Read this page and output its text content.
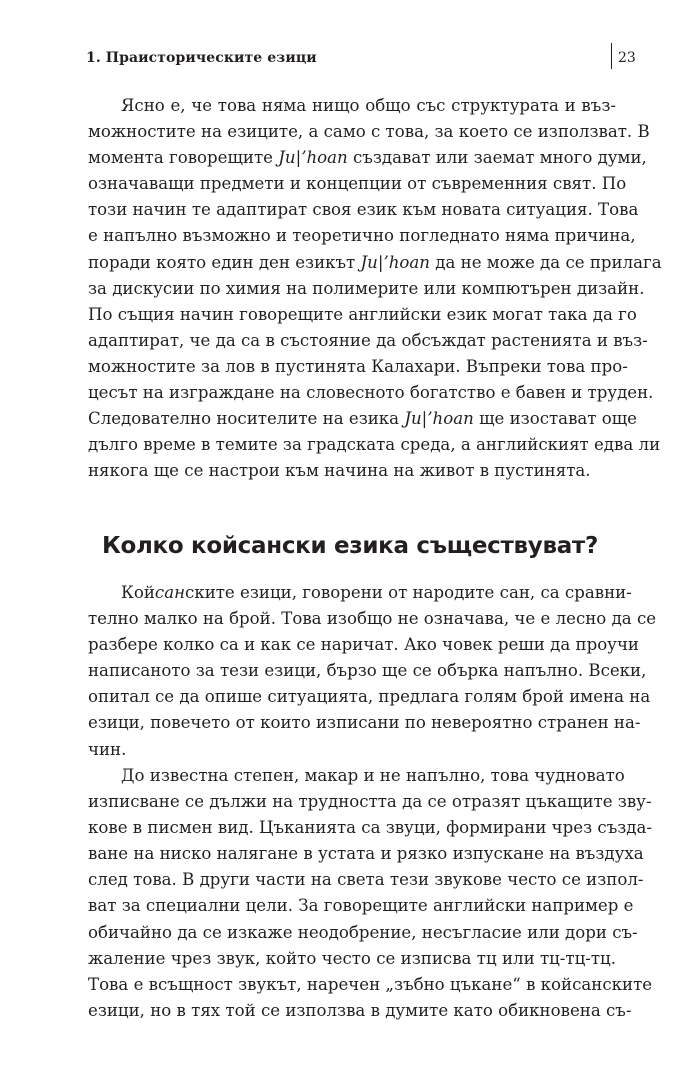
1. Праисторическите езици	23
Ясно е, че това няма нищо общо със структурата и въз-
можностите на езиците, а само с това, за което се използват. В
момента говорещите Ju|’hoan създават или заемат много думи,
означаващи предмети и концепции от съвременния свят. По
този начин те адаптират своя език към новата ситуация. Това
е напълно възможно и теоретично погледнато няма причина,
поради която един ден езикът Ju|’hoan да не може да се прилага
за дискусии по химия на полимерите или компютърен дизайн.
По същия начин говорещите английски език могат така да го
адаптират, че да са в състояние да обсъждат растенията и въз-
можностите за лов в пустинята Калахари. Въпреки това про-
цесът на изграждане на словесното богатство е бавен и труден.
Следователно носителите на езика Ju|’hoan ще изостават още
дълго време в темите за градската среда, а английският едва ли
някога ще се настрои към начина на живот в пустинята.
Колко койсански езика съществуват?
Койсанските езици, говорени от народите сан, са сравни-
телно малко на брой. Това изобщо не означава, че е лесно да се
разбере колко са и как се наричат. Ако човек реши да проучи
написаното за тези езици, бързо ще се обърка напълно. Всеки,
опитал се да опише ситуацията, предлага голям брой имена на
езици, повечето от които изписани по невероятно странен на-
чин.
До известна степен, макар и не напълно, това чудновато
изписване се дължи на трудността да се отразят цъкащите зву-
кове в писмен вид. Цъканията са звуци, формирани чрез създа-
ване на ниско налягане в устата и рязко изпускане на въздуха
след това. В други части на света тези звукове често се изпол-
ват за специални цели. За говорещите английски например е
обичайно да се изкаже неодобрение, несъгласие или дори съ-
жаление чрез звук, който често се изписва тц или тц-тц-тц.
Това е всъщност звукът, наречен „зъбно цъкане“ в койсанските
езици, но в тях той се използва в думите като обикновена съ-
